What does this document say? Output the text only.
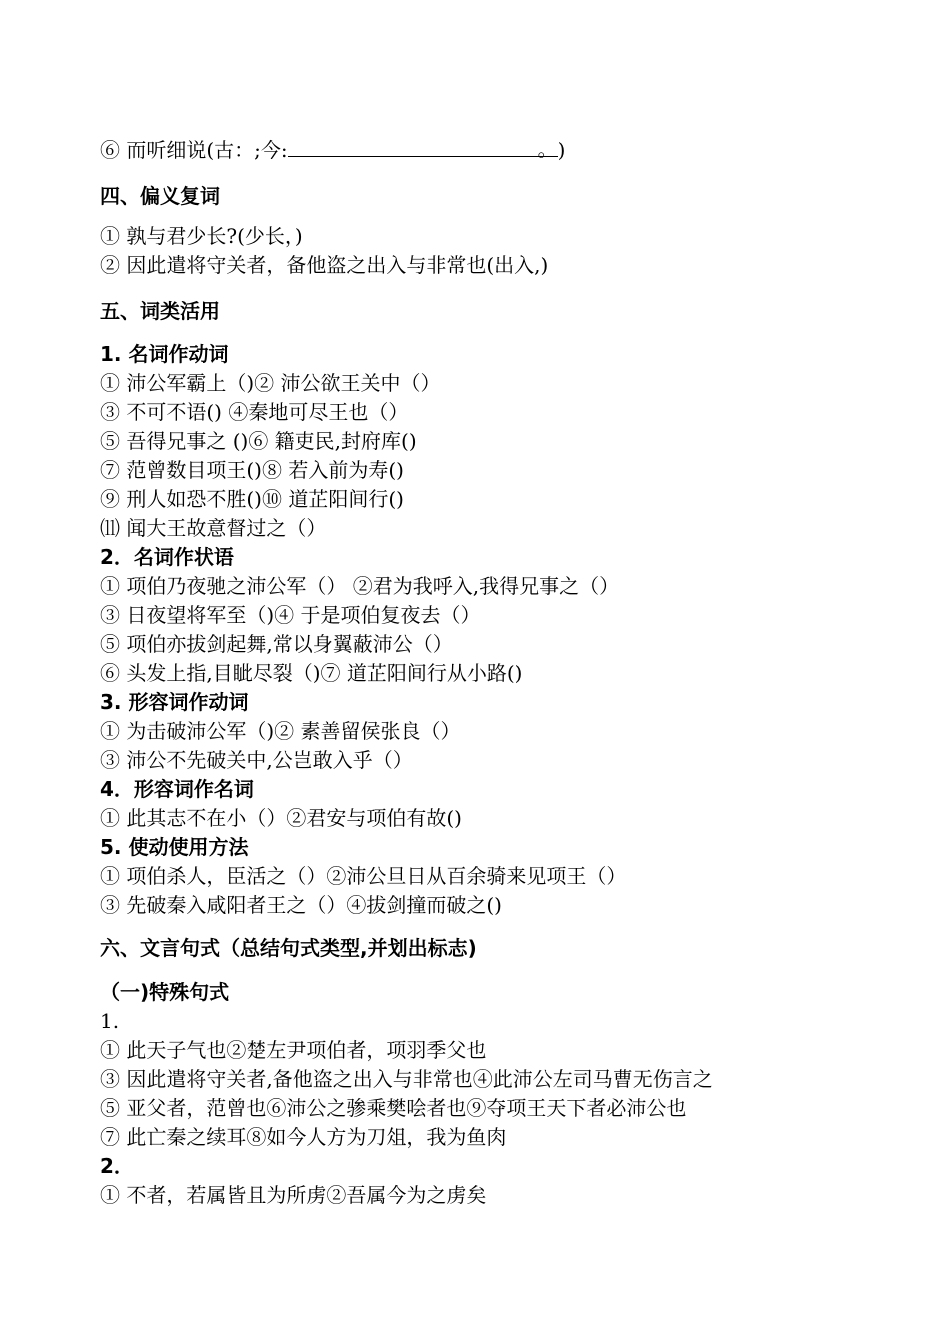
⑥ 而听细说(古：;今:	。 )
四、偏义复词
① 孰与君少长?(少长，)
② 因此遣将守关者，备他盗之出入与非常也(出入,)
五、词类活用
1. 名词作动词
① 沛公军霸上（)② 沛公欲王关中（）
③ 不可不语() ④秦地可尽王也（）
⑤ 吾得兄事之 ()⑥ 籍吏民,封府库()
⑦ 范曾数目项王()⑧ 若入前为寿()
⑨ 刑人如恐不胜()⑩ 道芷阳间行()
⑾ 闻大王故意督过之（）
2．名词作状语
① 项伯乃夜驰之沛公军（） ②君为我呼入,我得兄事之（）
③ 日夜望将军至（)④ 于是项伯复夜去（）
⑤ 项伯亦拔剑起舞,常以身翼蔽沛公（）
⑥ 头发上指,目眦尽裂（)⑦ 道芷阳间行从小路()
3. 形容词作动词
① 为击破沛公军（)② 素善留侯张良（）
③ 沛公不先破关中,公岂敢入乎（）
4．形容词作名词
① 此其志不在小（）②君安与项伯有故()
5. 使动使用方法
① 项伯杀人，臣活之（）②沛公旦日从百余骑来见项王（）
③ 先破秦入咸阳者王之（）④拔剑撞而破之()
六、文言句式（总结句式类型,并划出标志)
（一)特殊句式
1.
① 此天子气也②楚左尹项伯者，项羽季父也
③ 因此遣将守关者,备他盗之出入与非常也④此沛公左司马曹无伤言之
⑤ 亚父者，范曾也⑥沛公之骖乘樊哙者也⑨夺项王天下者必沛公也
⑦ 此亡秦之续耳⑧如今人方为刀俎，我为鱼肉
2．
① 不者，若属皆且为所虏②吾属今为之虏矣
